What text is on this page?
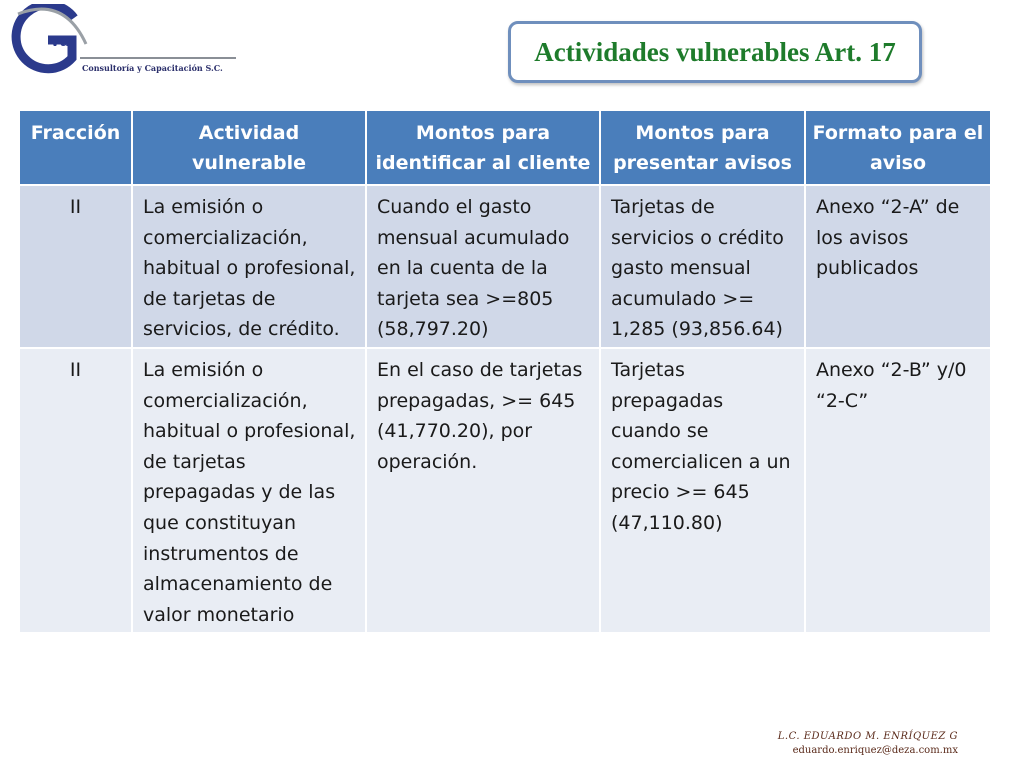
va
Consultoría y Capacitación S.C.
Actividades vulnerables Art. 17
Fracción	Actividad vulnerable	Montos para identificar al cliente	Montos para presentar avisos	Formato para el aviso
II	La emisión o comercialización, habitual o profesional, de tarjetas de servicios, de crédito.	Cuando el gasto mensual acumulado en la cuenta de la tarjeta sea >=805 (58,797.20)	Tarjetas de servicios o crédito gasto mensual acumulado >= 1,285 (93,856.64)	Anexo “2-A” de los avisos publicados
II	La emisión o comercialización, habitual o profesional, de tarjetas prepagadas y de las que constituyan instrumentos de almacenamiento de valor monetario	En el caso de tarjetas prepagadas, >= 645 (41,770.20), por operación.	Tarjetas prepagadas cuando se comercialicen a un precio >= 645 (47,110.80)	Anexo “2-B” y/0 “2-C”
L.C. EDUARDO M. ENRÍQUEZ G
eduardo.enriquez@deza.com.mx
